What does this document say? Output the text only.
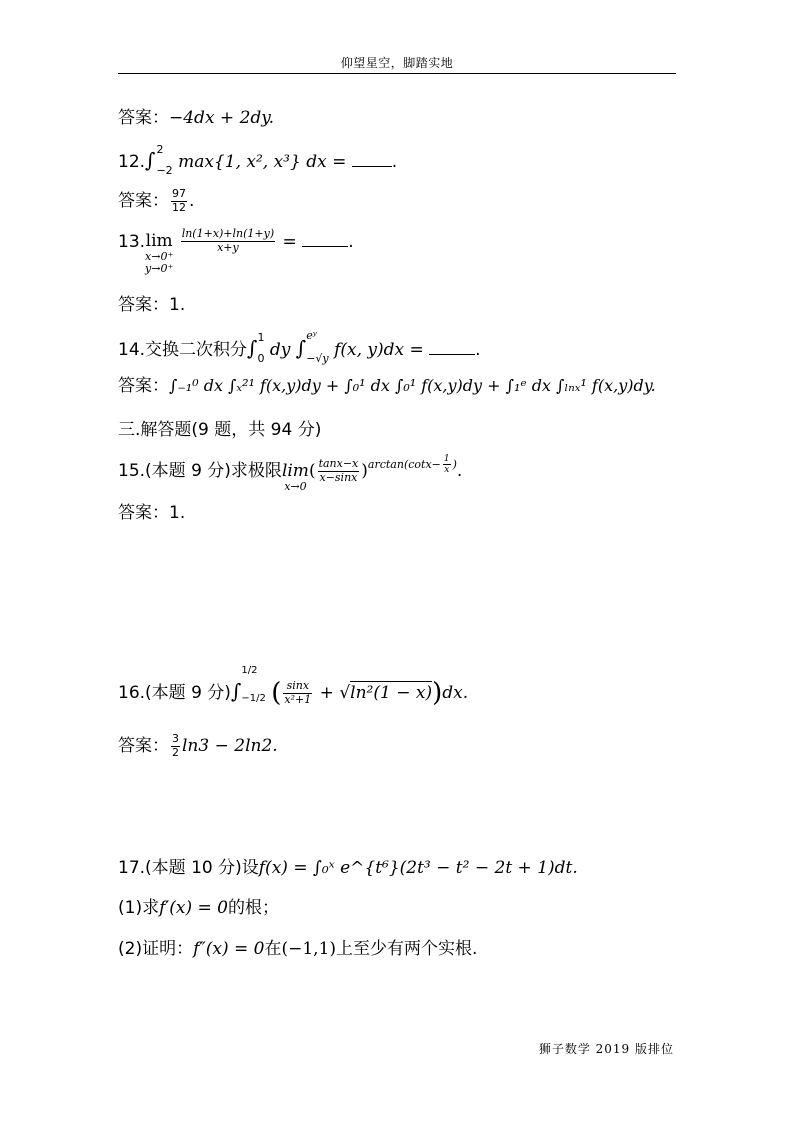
仰望星空，脚踏实地
答案：−4dx + 2dy.
12.∫ 2
−2 max{1, x², x³} dx =	.
答案： $\frac{97}{12}$ .
13.lim
x→0⁺
y→0⁺

$\frac{\ln(1+x)+\ln(1+y)}{x+y}$ =	.
答案：1.
14.交换二次积分∫ 1
0 dy ∫
eʸ
−√y f(x, y)dx =	.
答案：∫₋₁⁰ dx ∫ₓ²¹ f(x,y)dy + ∫₀¹ dx ∫₀¹ f(x,y)dy + ∫₁ᵉ dx ∫ₗₙₓ¹ f(x,y)dy.
三.解答题(9 题，共 94 分)
15.(本题 9 分)求极限lim
x→0
( $\frac{\tan x-x}{x-\sin x} )^{arctan(cotx- \frac{1}{x} )}$.
答案：1.
16.(本题 9 分)∫
1/2
−1/2 ( $\frac{\sin x}{\text{x²+1}} + √\ln^2(1 - x))dx$.
答案： $\frac{3}{2} \ln 3 - 2\ln 2$.
17.(本题 10 分)设f(x) = ∫₀ˣ e^{t⁶}(2t³ − t² − 2t + 1)dt.
(1)求f′(x) = 0的根；
(2)证明：f″(x) = 0在(−1,1)上至少有两个实根.
狮子数学 2019 版排位
